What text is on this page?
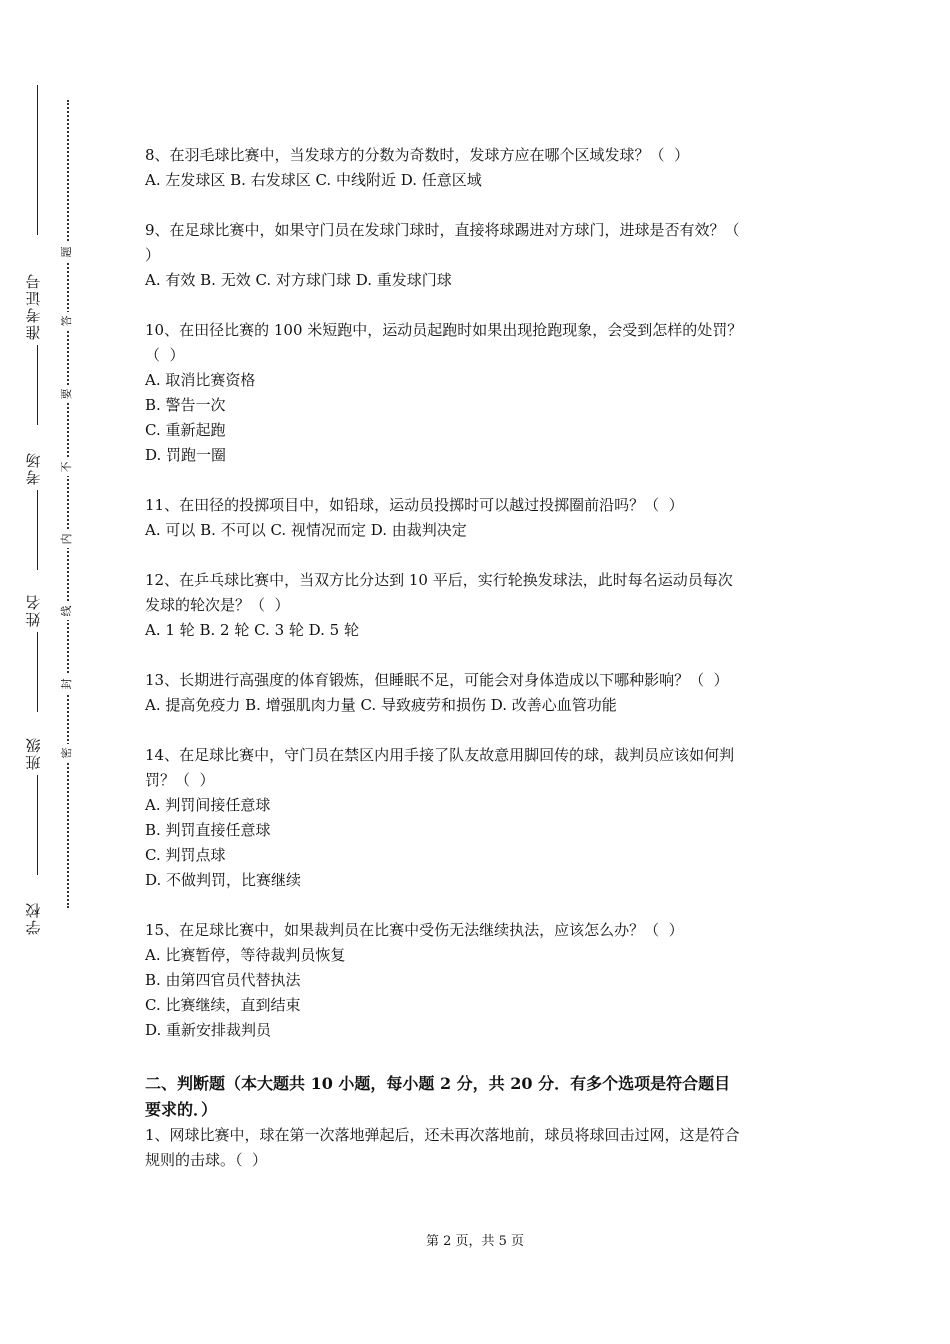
准考证号
考场
姓名
班级
学校
题
答
要
不
内
线
封
密
8、在羽毛球比赛中，当发球方的分数为奇数时，发球方应在哪个区域发球？（  ）
A. 左发球区 B. 右发球区 C. 中线附近 D. 任意区域
9、在足球比赛中，如果守门员在发球门球时，直接将球踢进对方球门，进球是否有效？（
）
A. 有效 B. 无效 C. 对方球门球 D. 重发球门球
10、在田径比赛的 100 米短跑中，运动员起跑时如果出现抢跑现象，会受到怎样的处罚？
（  ）
A. 取消比赛资格
B. 警告一次
C. 重新起跑
D. 罚跑一圈
11、在田径的投掷项目中，如铅球，运动员投掷时可以越过投掷圈前沿吗？（  ）
A. 可以 B. 不可以 C. 视情况而定 D. 由裁判决定
12、在乒乓球比赛中，当双方比分达到 10 平后，实行轮换发球法，此时每名运动员每次
发球的轮次是？（  ）
A. 1 轮 B. 2 轮 C. 3 轮 D. 5 轮
13、长期进行高强度的体育锻炼，但睡眠不足，可能会对身体造成以下哪种影响？（  ）
A. 提高免疫力 B. 增强肌肉力量 C. 导致疲劳和损伤 D. 改善心血管功能
14、在足球比赛中，守门员在禁区内用手接了队友故意用脚回传的球，裁判员应该如何判
罚？（  ）
A. 判罚间接任意球
B. 判罚直接任意球
C. 判罚点球
D. 不做判罚，比赛继续
15、在足球比赛中，如果裁判员在比赛中受伤无法继续执法，应该怎么办？（  ）
A. 比赛暂停，等待裁判员恢复
B. 由第四官员代替执法
C. 比赛继续，直到结束
D. 重新安排裁判员
二、判断题（本大题共 10 小题，每小题 2 分，共 20 分．有多个选项是符合题目
要求的．）
1、网球比赛中，球在第一次落地弹起后，还未再次落地前，球员将球回击过网，这是符合
规则的击球。（  ）
第 2 页，共 5 页
